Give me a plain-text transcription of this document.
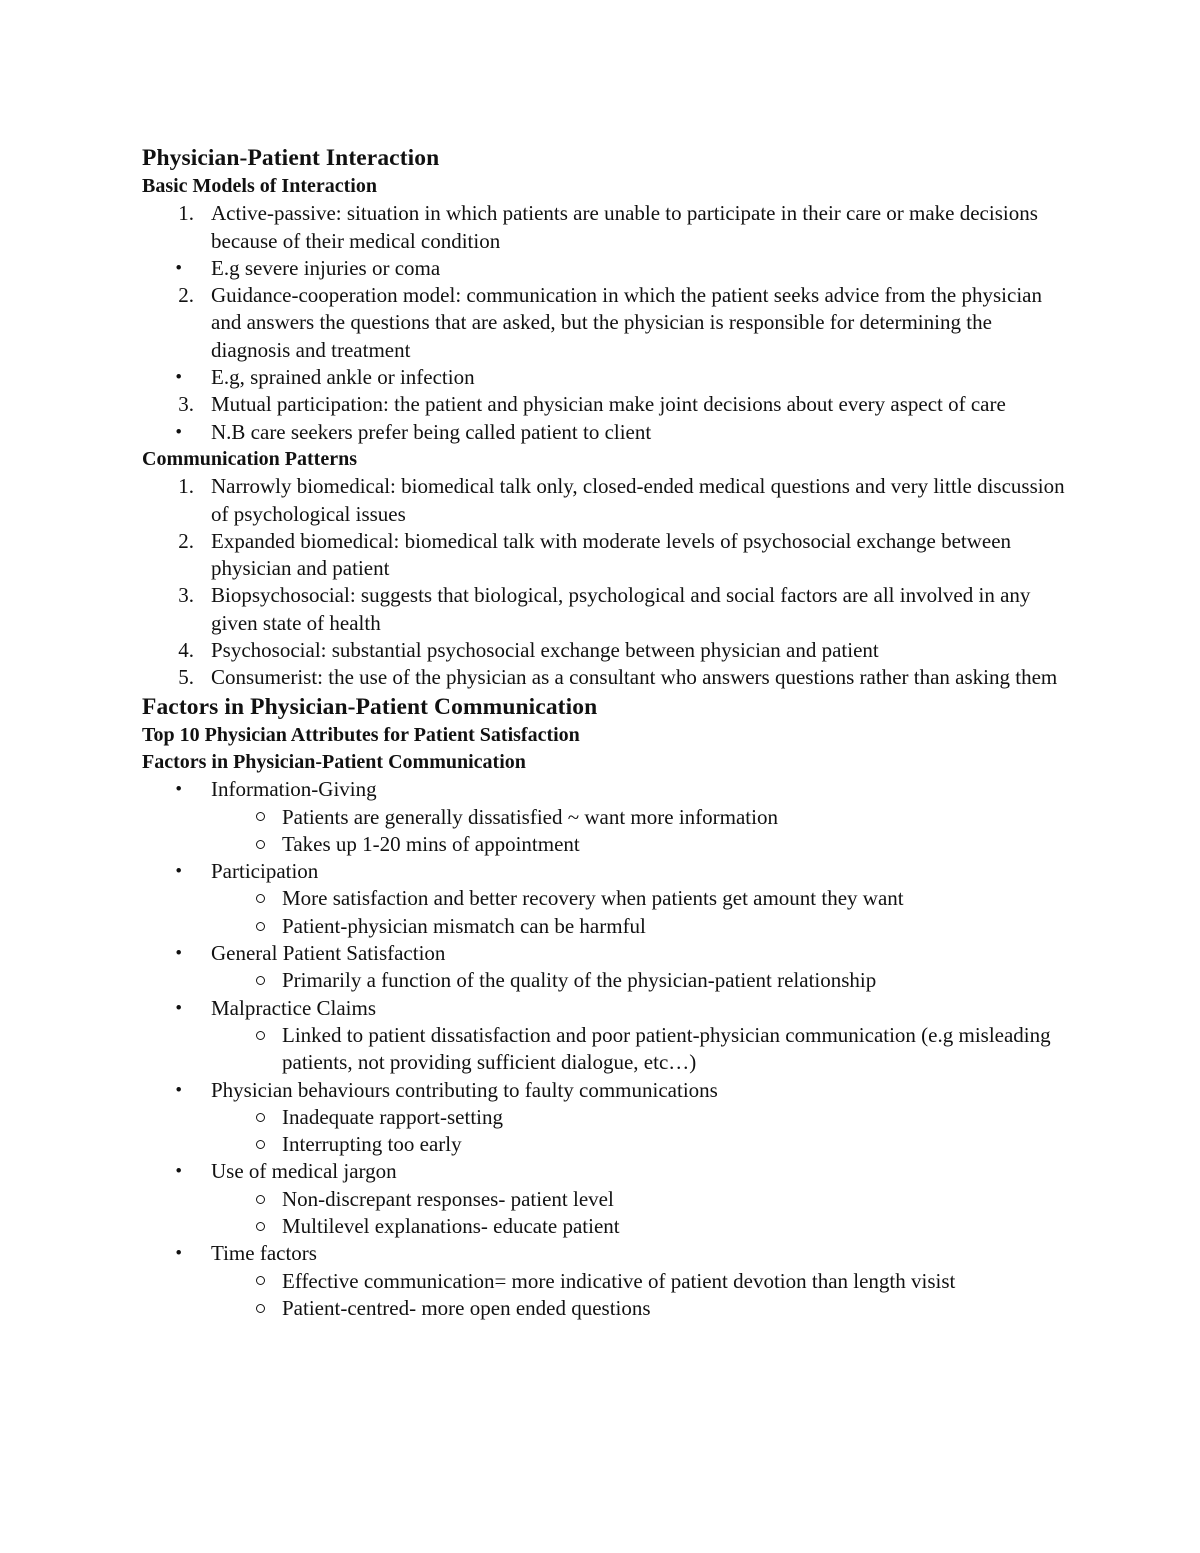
Physician-Patient Interaction
Basic Models of Interaction
1. Active-passive: situation in which patients are unable to participate in their care or make decisions because of their medical condition
• E.g severe injuries or coma
2. Guidance-cooperation model: communication in which the patient seeks advice from the physician and answers the questions that are asked, but the physician is responsible for determining the diagnosis and treatment
• E.g, sprained ankle or infection
3. Mutual participation: the patient and physician make joint decisions about every aspect of care
• N.B care seekers prefer being called patient to client
Communication Patterns
1. Narrowly biomedical: biomedical talk only, closed-ended medical questions and very little discussion of psychological issues
2. Expanded biomedical: biomedical talk with moderate levels of psychosocial exchange between physician and patient
3. Biopsychosocial: suggests that biological, psychological and social factors are all involved in any given state of health
4. Psychosocial: substantial psychosocial exchange between physician and patient
5. Consumerist: the use of the physician as a consultant who answers questions rather than asking them
Factors in Physician-Patient Communication
Top 10 Physician Attributes for Patient Satisfaction
Factors in Physician-Patient Communication
• Information-Giving
Patients are generally dissatisfied ~ want more information
Takes up 1-20 mins of appointment
• Participation
More satisfaction and better recovery when patients get amount they want
Patient-physician mismatch can be harmful
• General Patient Satisfaction
Primarily a function of the quality of the physician-patient relationship
• Malpractice Claims
Linked to patient dissatisfaction and poor patient-physician communication (e.g misleading patients, not providing sufficient dialogue, etc…)
• Physician behaviours contributing to faulty communications
Inadequate rapport-setting
Interrupting too early
• Use of medical jargon
Non-discrepant responses- patient level
Multilevel explanations- educate patient
• Time factors
Effective communication= more indicative of patient devotion than length visist
Patient-centred- more open ended questions
